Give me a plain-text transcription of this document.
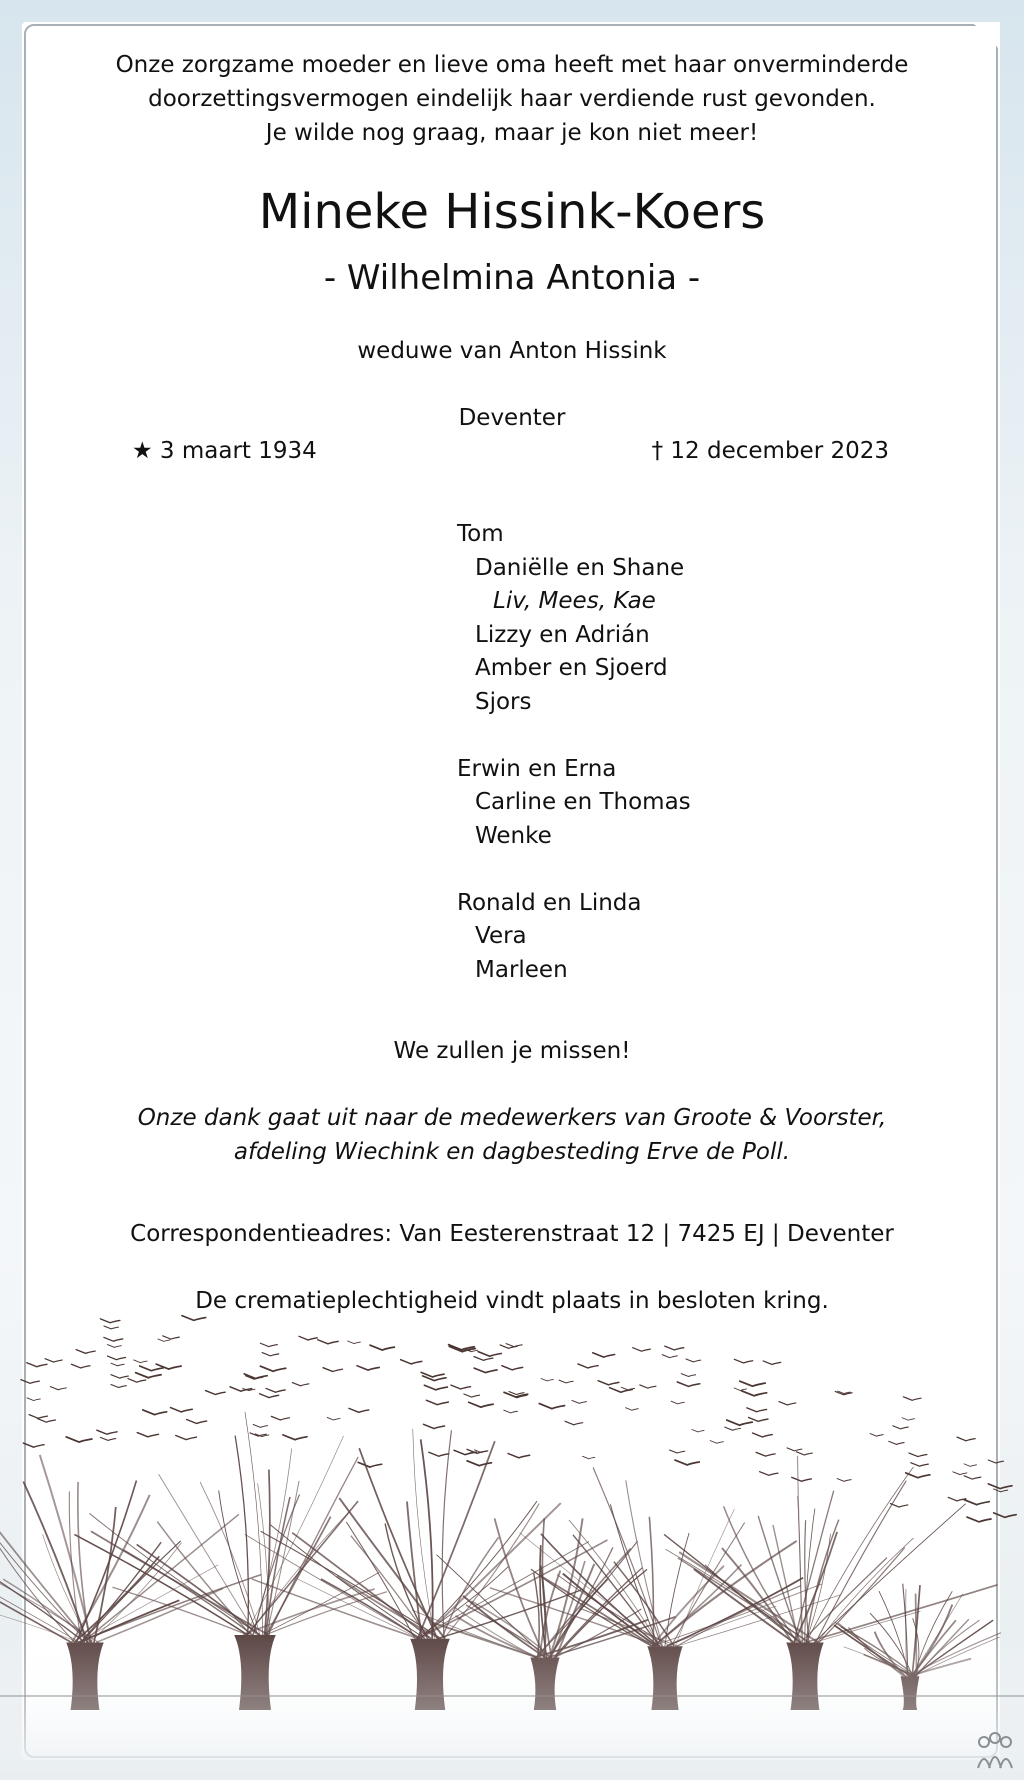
Onze zorgzame moeder en lieve oma heeft met haar onverminderde
doorzettingsvermogen eindelijk haar verdiende rust gevonden.
Je wilde nog graag, maar je kon niet meer!
Mineke Hissink-Koers
- Wilhelmina Antonia -
weduwe van Anton Hissink
Deventer
★ 3 maart 1934	† 12 december 2023
Tom
Daniëlle en Shane
Liv, Mees, Kae
Lizzy en Adrián
Amber en Sjoerd
Sjors
Erwin en Erna
Carline en Thomas
Wenke
Ronald en Linda
Vera
Marleen
We zullen je missen!
Onze dank gaat uit naar de medewerkers van Groote & Voorster,
afdeling Wiechink en dagbesteding Erve de Poll.
Correspondentieadres: Van Eesterenstraat 12 | 7425 EJ | Deventer
De crematieplechtigheid vindt plaats in besloten kring.
